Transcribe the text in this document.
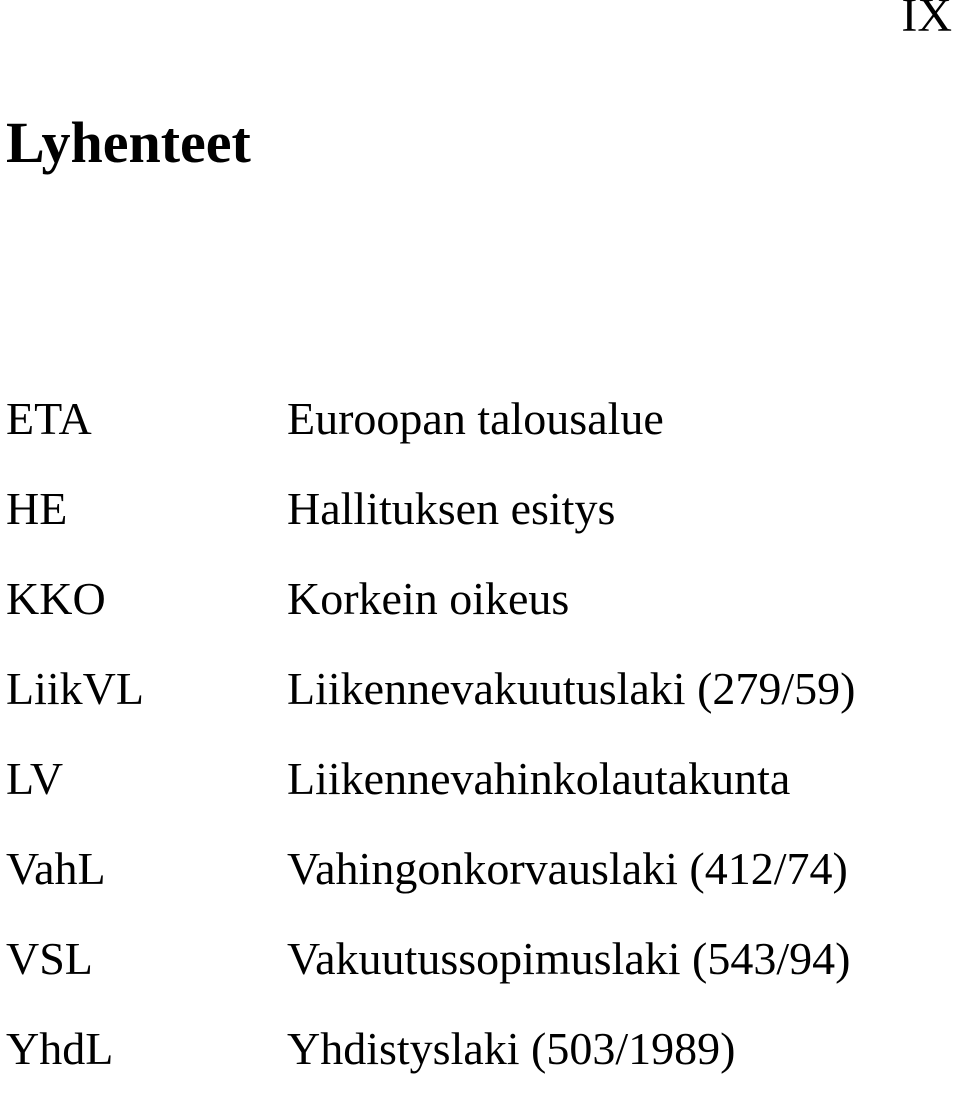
IX
Lyhenteet
ETA	Euroopan talousalue
HE	Hallituksen esitys
KKO	Korkein oikeus
LiikVL	Liikennevakuutuslaki (279/59)
LV	Liikennevahinkolautakunta
VahL	Vahingonkorvauslaki (412/74)
VSL	Vakuutussopimuslaki (543/94)
YhdL	Yhdistyslaki (503/1989)
